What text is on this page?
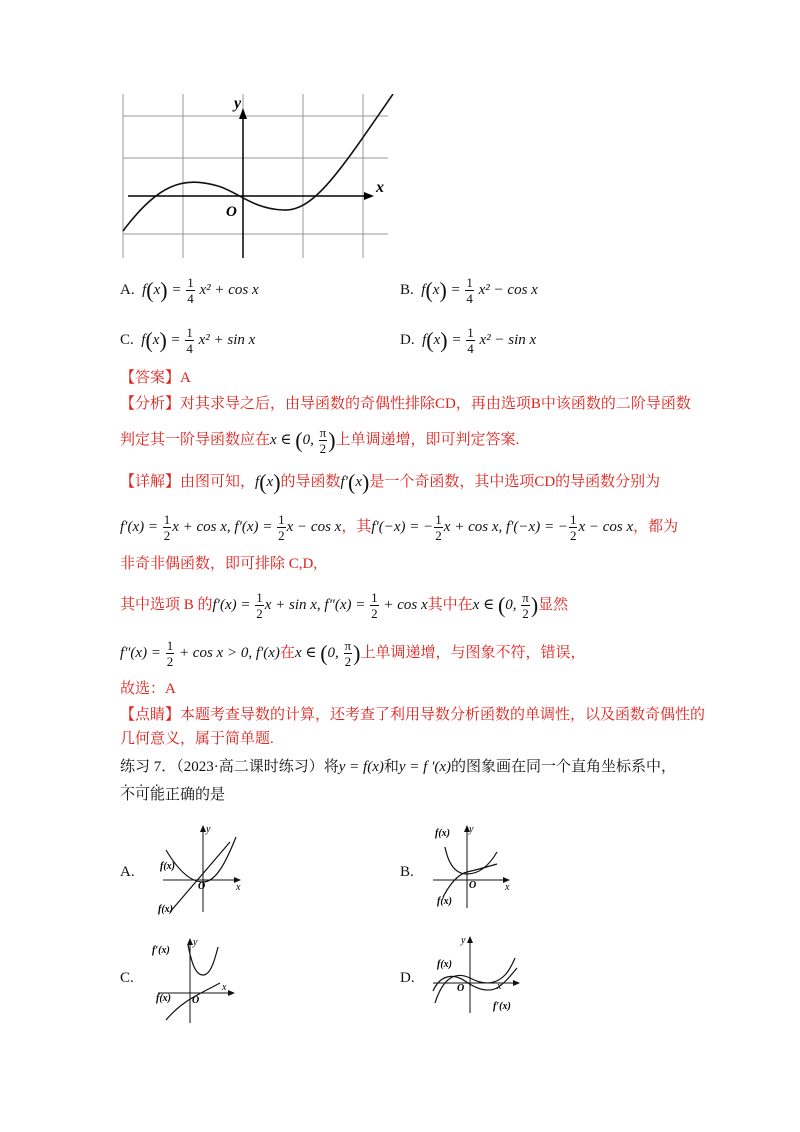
y
x
O
A. $f(x) = \frac{1}{4} x^2 + \cos x$	B. $f(x) = \frac{1}{4} x^2 - \cos x$
C. $f(x) = \frac{1}{4} x^2 + \sin x$	D. $f(x) = \frac{1}{4} x^2 - \sin x$
【答案】A
【分析】对其求导之后，由导函数的奇偶性排除CD，再由选项B中该函数的二阶导函数
判定其一阶导函数应在x ∈ (0, $\frac{\pi}{2}$ )上单调递增，即可判定答案.
【详解】由图可知，f(x)的导函数f′(x)是一个奇函数，其中选项CD的导函数分别为
$f'(x) = \frac{1}{2}$ x + cos x, $f'(x) = \frac{1}{2}$ x − cos x，其f′(−x) = − $\frac{1}{2}$ x + cos x, f′(−x) = − $\frac{1}{2}$ x − cos x，都为
非奇非偶函数，即可排除 C,D,
其中选项 B 的$f'(x) = \frac{1}{2}$ x + sin x, $f''(x) = \frac{1}{2} + \cos x$其中在x ∈ (0, $\frac{\pi}{2}$ )显然
$f''(x) = \frac{1}{2} + \cos x > 0$, f′(x)在x ∈ (0, $\frac{\pi}{2}$ )上单调递增，与图象不符，错误，
故选：A
【点睛】本题考查导数的计算，还考查了利用导数分析函数的单调性，以及函数奇偶性的
几何意义，属于简单题.
练习 7．（2023·高二课时练习）将y = f(x)和y = f ′(x)的图象画在同一个直角坐标系中，
...
不可能正确的是
A.	f(x)
f(x)
O	x
y
B.
f(x)
f(x)
O	x
y
C.
f′(x)
f(x) O
x
y
D.
f(x)
O
f′(x)
x
y
